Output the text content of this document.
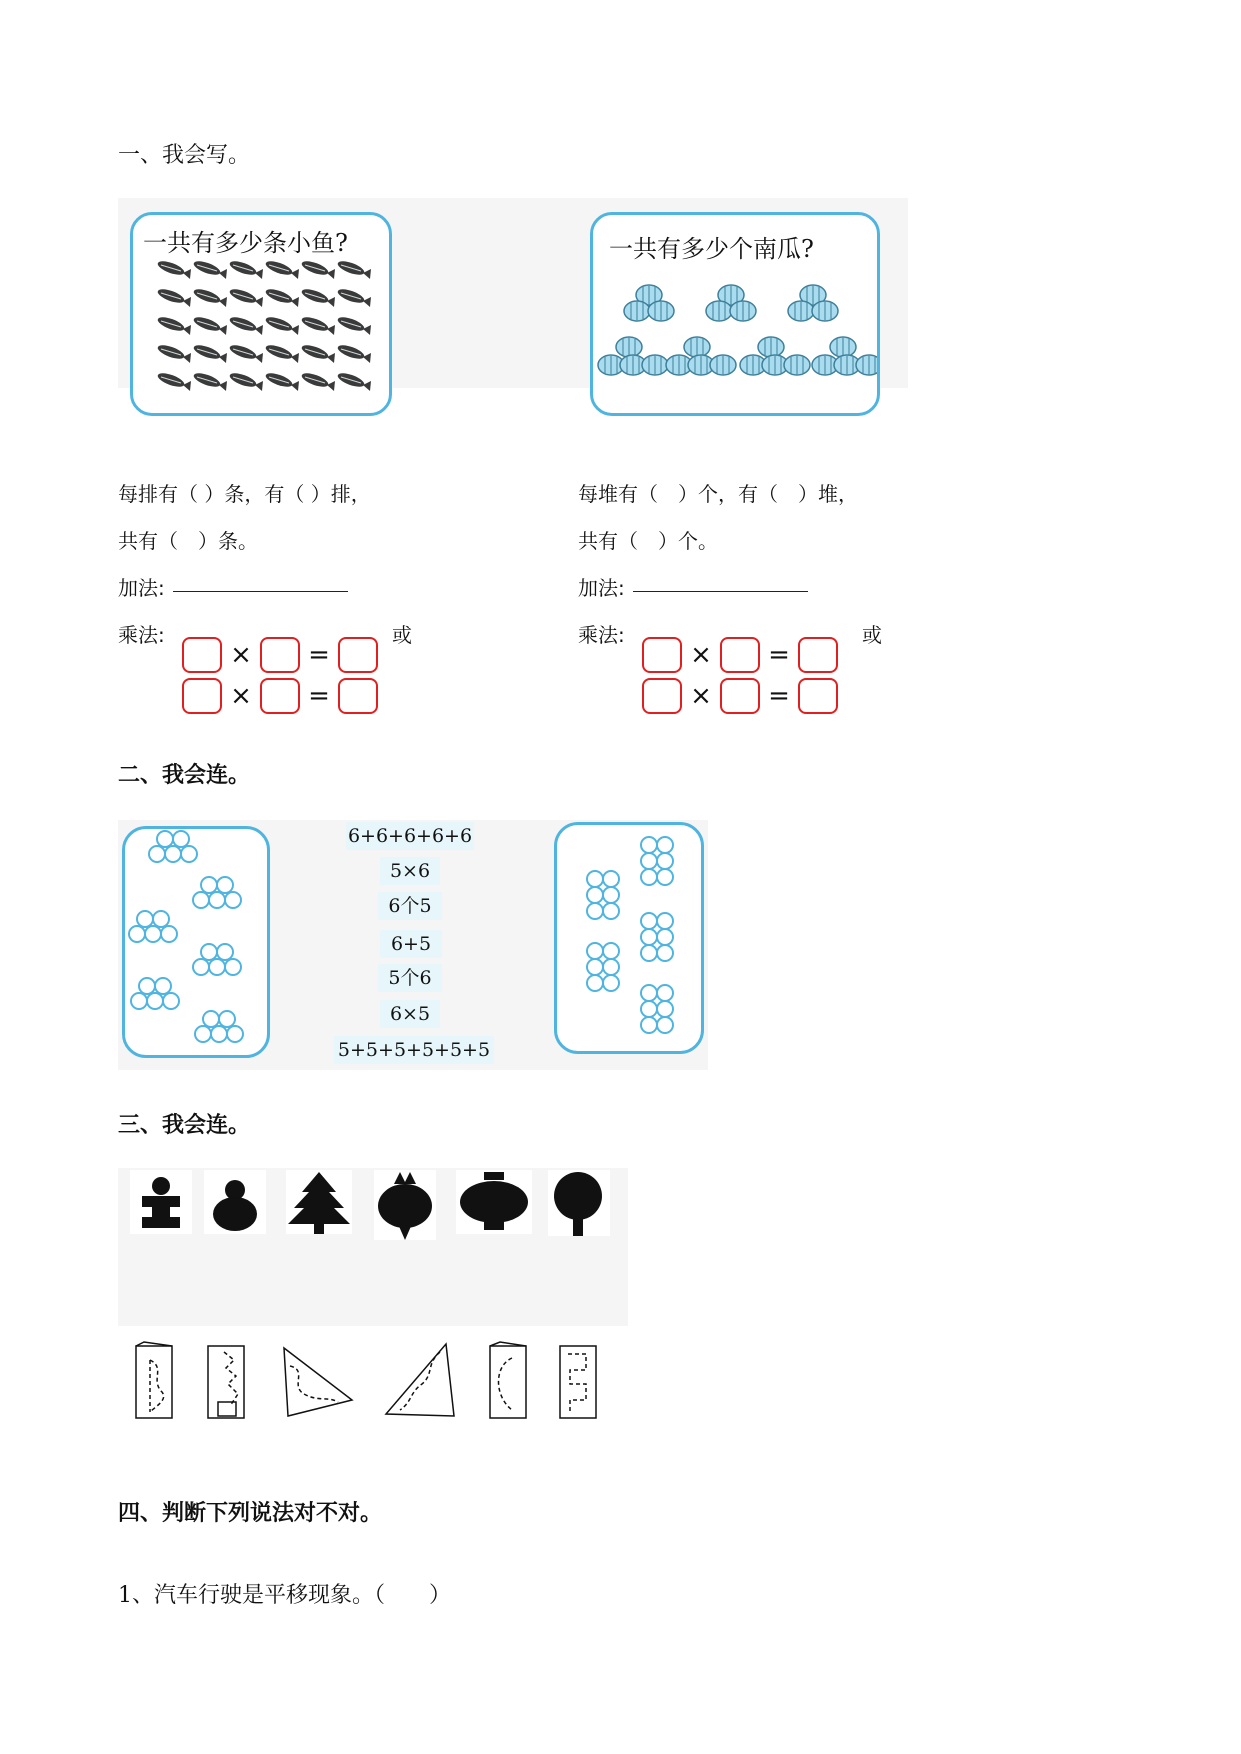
一、我会写。
一共有多少条小鱼?	一共有多少个南瓜?
每排有（ ）条，有（ ）排，
共有（　）条。
加法:
乘法:	或
×	=
×	=
每堆有（　）个，有（　）堆，
共有（　）个。
加法:
乘法:	或
×	=
×	=
二、我会连。
6+6+6+6+6
5×6
6个5
6+5
5个6
6×5
5+5+5+5+5+5
三、我会连。
四、判断下列说法对不对。
1、汽车行驶是平移现象。（　　）
